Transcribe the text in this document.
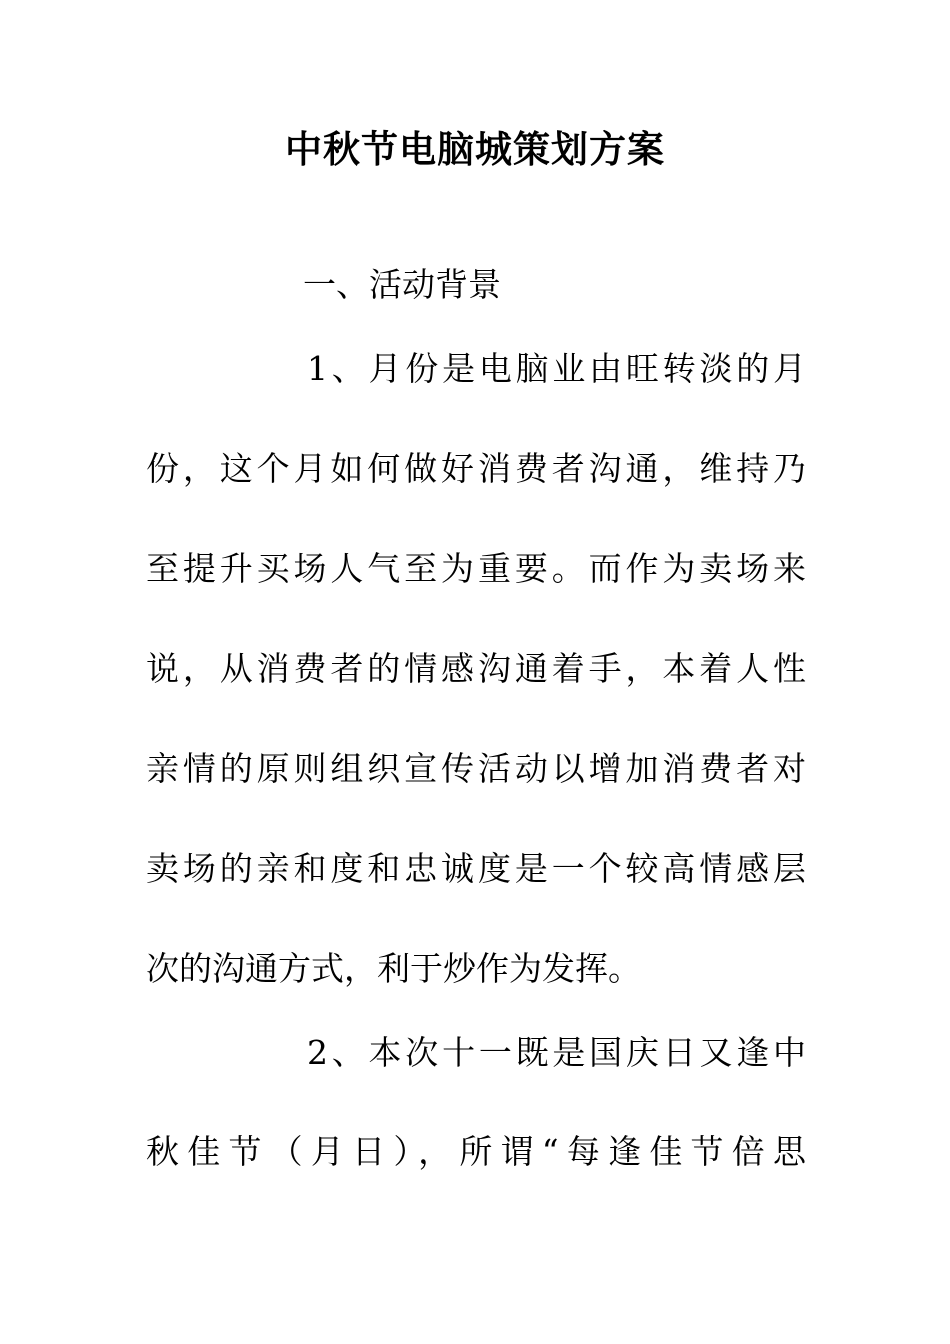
中秋节电脑城策划方案
一、活动背景
1、月份是电脑业由旺转淡的月
份，这个月如何做好消费者沟通，维持乃
至提升买场人气至为重要。而作为卖场来
说，从消费者的情感沟通着手，本着人性
亲情的原则组织宣传活动以增加消费者对
卖场的亲和度和忠诚度是一个较高情感层
次的沟通方式，利于炒作为发挥。
2、本次十一既是国庆日又逢中
秋佳节（月日），所谓“每逢佳节倍思
